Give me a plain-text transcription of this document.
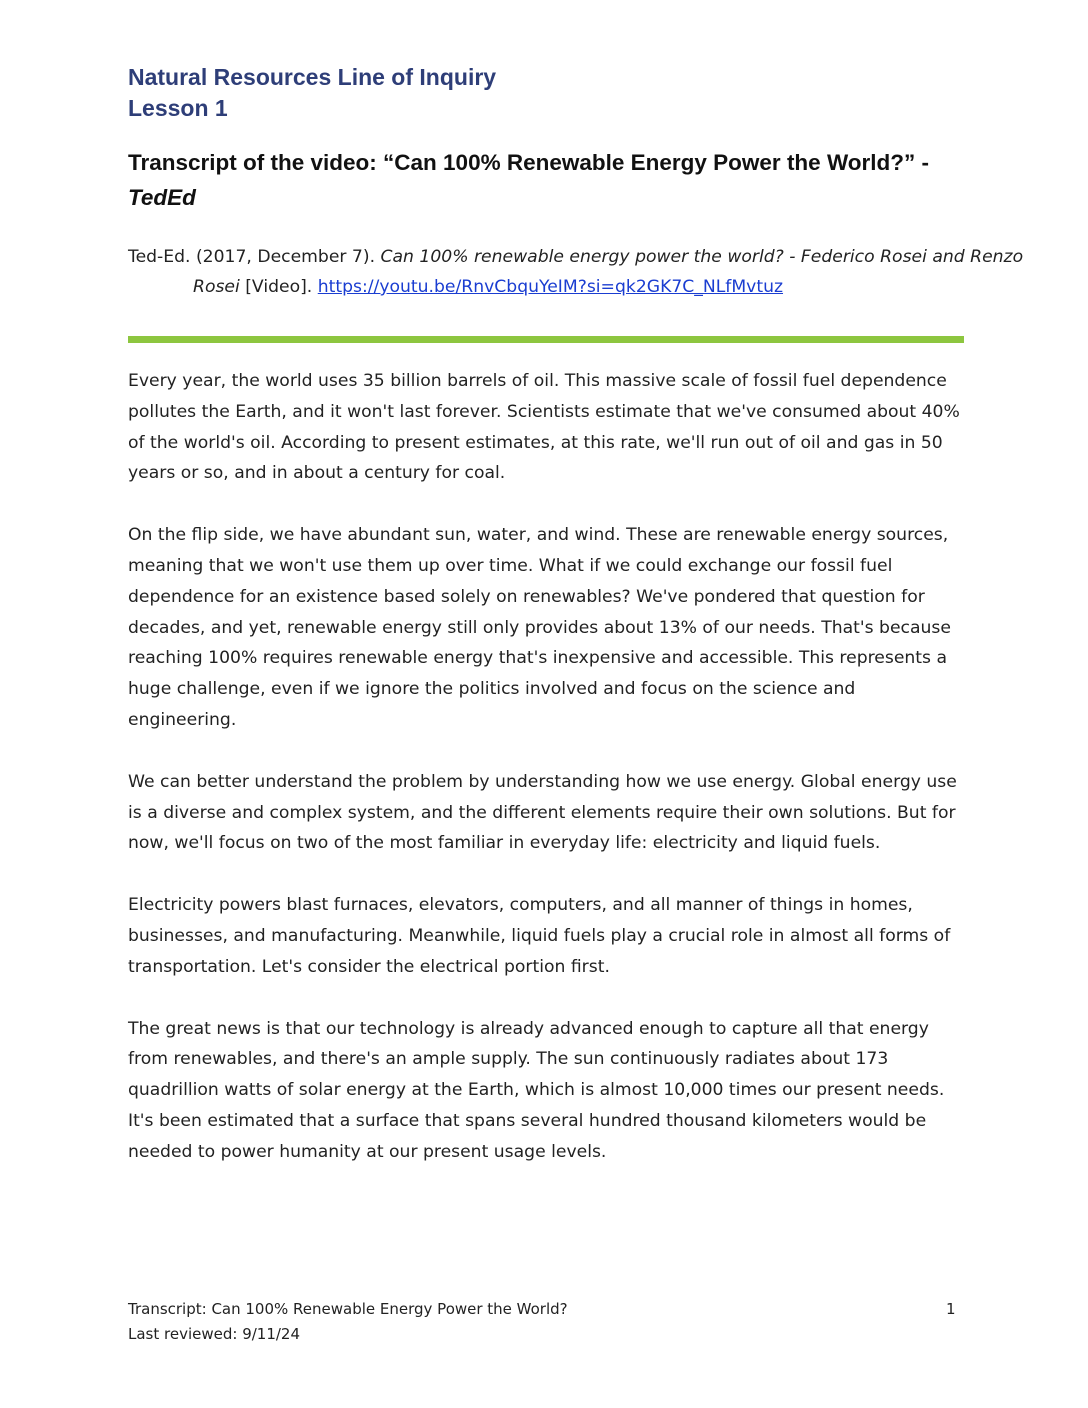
Natural Resources Line of Inquiry
Lesson 1
Transcript of the video: “Can 100% Renewable Energy Power the World?” - TedEd

Ted-Ed. (2017, December 7). Can 100% renewable energy power the world? - Federico Rosei and Renzo Rosei [Video]. https://youtu.be/RnvCbquYeIM?si=qk2GK7C_NLfMvtuz

Every year, the world uses 35 billion barrels of oil. This massive scale of fossil fuel dependence pollutes the Earth, and it won't last forever. Scientists estimate that we've consumed about 40% of the world's oil. According to present estimates, at this rate, we'll run out of oil and gas in 50 years or so, and in about a century for coal.

On the flip side, we have abundant sun, water, and wind. These are renewable energy sources, meaning that we won't use them up over time. What if we could exchange our fossil fuel dependence for an existence based solely on renewables? We've pondered that question for decades, and yet, renewable energy still only provides about 13% of our needs. That's because reaching 100% requires renewable energy that's inexpensive and accessible. This represents a huge challenge, even if we ignore the politics involved and focus on the science and engineering.

We can better understand the problem by understanding how we use energy. Global energy use is a diverse and complex system, and the different elements require their own solutions. But for now, we'll focus on two of the most familiar in everyday life: electricity and liquid fuels.

Electricity powers blast furnaces, elevators, computers, and all manner of things in homes, businesses, and manufacturing. Meanwhile, liquid fuels play a crucial role in almost all forms of transportation. Let's consider the electrical portion first.

The great news is that our technology is already advanced enough to capture all that energy from renewables, and there's an ample supply. The sun continuously radiates about 173 quadrillion watts of solar energy at the Earth, which is almost 10,000 times our present needs. It's been estimated that a surface that spans several hundred thousand kilometers would be needed to power humanity at our present usage levels.

Transcript: Can 100% Renewable Energy Power the World?
Last reviewed: 9/11/24
1
